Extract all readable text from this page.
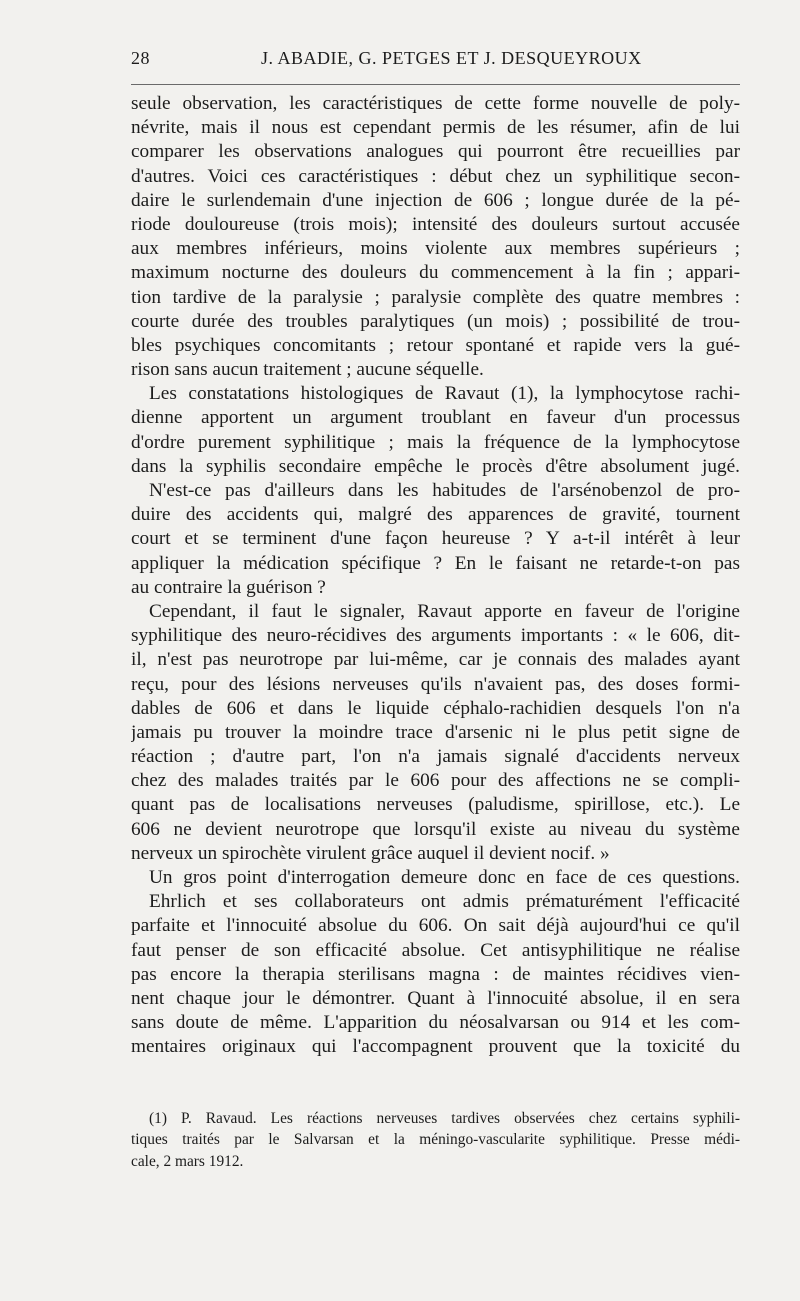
28	J. ABADIE, G. PETGES ET J. DESQUEYROUX
seule observation, les caractéristiques de cette forme nouvelle de poly-
névrite, mais il nous est cependant permis de les résumer, afin de lui
comparer les observations analogues qui pourront être recueillies par
d'autres. Voici ces caractéristiques : début chez un syphilitique secon-
daire le surlendemain d'une injection de 606 ; longue durée de la pé-
riode douloureuse (trois mois); intensité des douleurs surtout accusée
aux membres inférieurs, moins violente aux membres supérieurs ;
maximum nocturne des douleurs du commencement à la fin ; appari-
tion tardive de la paralysie ; paralysie complète des quatre membres :
courte durée des troubles paralytiques (un mois) ; possibilité de trou-
bles psychiques concomitants ; retour spontané et rapide vers la gué-
rison sans aucun traitement ; aucune séquelle.
Les constatations histologiques de Ravaut (1), la lymphocytose rachi-
dienne apportent un argument troublant en faveur d'un processus
d'ordre purement syphilitique ; mais la fréquence de la lymphocytose
dans la syphilis secondaire empêche le procès d'être absolument jugé.
N'est-ce pas d'ailleurs dans les habitudes de l'arsénobenzol de pro-
duire des accidents qui, malgré des apparences de gravité, tournent
court et se terminent d'une façon heureuse ? Y a-t-il intérêt à leur
appliquer la médication spécifique ? En le faisant ne retarde-t-on pas
au contraire la guérison ?
Cependant, il faut le signaler, Ravaut apporte en faveur de l'origine
syphilitique des neuro-récidives des arguments importants : « le 606, dit-
il, n'est pas neurotrope par lui-même, car je connais des malades ayant
reçu, pour des lésions nerveuses qu'ils n'avaient pas, des doses formi-
dables de 606 et dans le liquide céphalo-rachidien desquels l'on n'a
jamais pu trouver la moindre trace d'arsenic ni le plus petit signe de
réaction ; d'autre part, l'on n'a jamais signalé d'accidents nerveux
chez des malades traités par le 606 pour des affections ne se compli-
quant pas de localisations nerveuses (paludisme, spirillose, etc.). Le
606 ne devient neurotrope que lorsqu'il existe au niveau du système
nerveux un spirochète virulent grâce auquel il devient nocif. »
Un gros point d'interrogation demeure donc en face de ces questions.
Ehrlich et ses collaborateurs ont admis prématurément l'efficacité
parfaite et l'innocuité absolue du 606. On sait déjà aujourd'hui ce qu'il
faut penser de son efficacité absolue. Cet antisyphilitique ne réalise
pas encore la therapia sterilisans magna : de maintes récidives vien-
nent chaque jour le démontrer. Quant à l'innocuité absolue, il en sera
sans doute de même. L'apparition du néosalvarsan ou 914 et les com-
mentaires originaux qui l'accompagnent prouvent que la toxicité du
(1) P. Ravaud. Les réactions nerveuses tardives observées chez certains syphili-
tiques traités par le Salvarsan et la méningo-vascularite syphilitique. Presse médi-
cale, 2 mars 1912.
